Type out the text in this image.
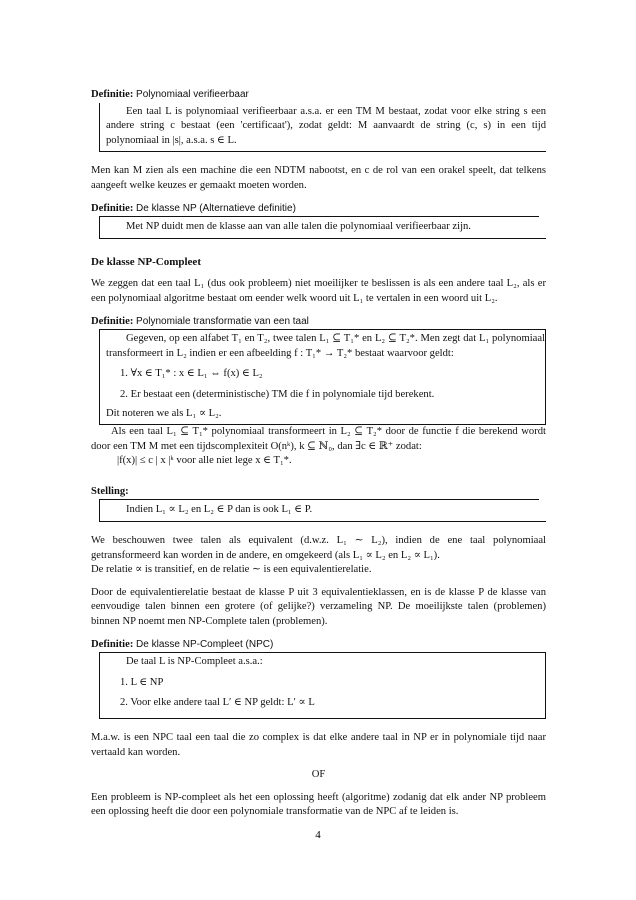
Definitie: Polynomiaal verifieerbaar

Een taal L is polynomiaal verifieerbaar a.s.a. er een TM M bestaat, zodat voor elke string s een andere string c bestaat (een 'certificaat'), zodat geldt: M aanvaardt de string (c, s) in een tijd polynomiaal in |s|, a.s.a. s ∈ L.

Men kan M zien als een machine die een NDTM nabootst, en c de rol van een orakel speelt, dat telkens aangeeft welke keuzes er gemaakt moeten worden.

Definitie: De klasse NP (Alternatieve definitie)

Met NP duidt men de klasse aan van alle talen die polynomiaal verifieerbaar zijn.

De klasse NP-Compleet

We zeggen dat een taal L₁ (dus ook probleem) niet moeilijker te beslissen is als een andere taal L₂, als er een polynomiaal algoritme bestaat om eender welk woord uit L₁ te vertalen in een woord uit L₂.

Definitie: Polynomiale transformatie van een taal

Gegeven, op een alfabet T₁ en T₂, twee talen L₁ ⊆ T₁* en L₂ ⊆ T₂*. Men zegt dat L₁ polynomiaal transformeert in L₂ indien er een afbeelding f : T₁* → T₂* bestaat waarvoor geldt:

1. ∀x ∈ T₁* : x ∈ L₁ ⇔ f(x) ∈ L₂

2. Er bestaat een (deterministische) TM die f in polynomiale tijd berekent.

Dit noteren we als L₁ ∝ L₂.

Als een taal L₁ ⊆ T₁* polynomiaal transformeert in L₂ ⊆ T₂* door de functie f die berekend wordt door een TM M met een tijdscomplexiteit O(nᵏ), k ⊆ ℕ₀, dan ∃c ∈ ℝ⁺ zodat:

|f(x)| ≤ c | x |ᵏ voor alle niet lege x ∈ T₁*.

Stelling:

Indien L₁ ∝ L₂ en L₂ ∈ P dan is ook L₁ ∈ P.

We beschouwen twee talen als equivalent (d.w.z. L₁ ∼ L₂), indien de ene taal polynomiaal getransformeerd kan worden in de andere, en omgekeerd (als L₁ ∝ L₂ en L₂ ∝ L₁).

De relatie ∝ is transitief, en de relatie ∼ is een equivalentierelatie.

Door de equivalentierelatie bestaat de klasse P uit 3 equivalentieklassen, en is de klasse P de klasse van eenvoudige talen binnen een grotere (of gelijke?) verzameling NP. De moeilijkste talen (problemen) binnen NP noemt men NP-Complete talen (problemen).

Definitie: De klasse NP-Compleet (NPC)

De taal L is NP-Compleet a.s.a.:

1. L ∈ NP

2. Voor elke andere taal L′ ∈ NP geldt: L′ ∝ L

M.a.w. is een NPC taal een taal die zo complex is dat elke andere taal in NP er in polynomiale tijd naar vertaald kan worden.

OF

Een probleem is NP-compleet als het een oplossing heeft (algoritme) zodanig dat elk ander NP probleem een oplossing heeft die door een polynomiale transformatie van de NPC af te leiden is.

4
